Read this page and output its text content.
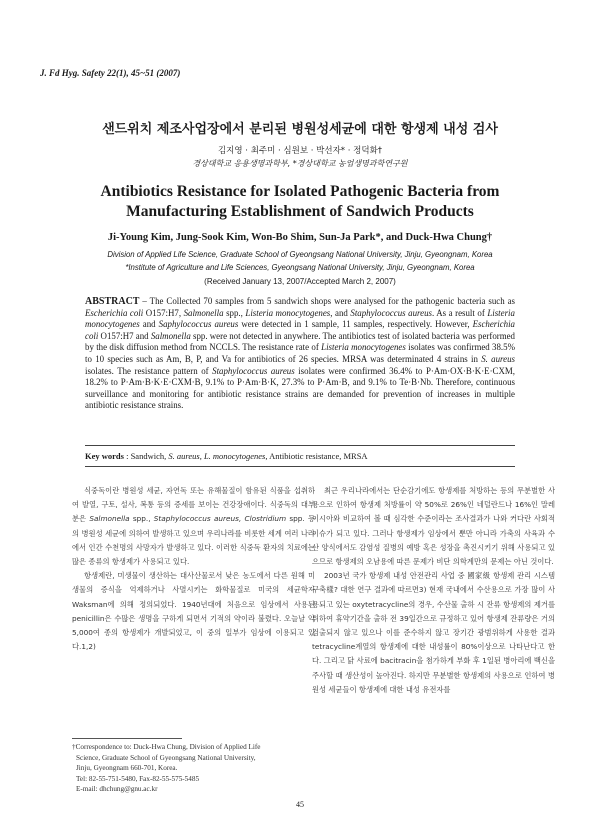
J. Fd Hyg. Safety 22(1), 45~51 (2007)
샌드위치 제조사업장에서 분리된 병원성세균에 대한 항생제 내성 검사
김지영 · 최주미 · 심원보 · 박선자* · 정덕화†
경상대학교 응용생명과학부, *경상대학교 농업생명과학연구원
Antibiotics Resistance for Isolated Pathogenic Bacteria from
Manufacturing Establishment of Sandwich Products
Ji-Young Kim, Jung-Sook Kim, Won-Bo Shim, Sun-Ja Park*, and Duck-Hwa Chung†
Division of Applied Life Science, Graduate School of Gyeongsang National University, Jinju, Gyeongnam, Korea
*Institute of Agriculture and Life Sciences, Gyeongsang National University, Jinju, Gyeongnam, Korea
(Received January 13, 2007/Accepted March 2, 2007)
ABSTRACT – The Collected 70 samples from 5 sandwich shops were analysed for the pathogenic bacteria such as Escherichia coli O157:H7, Salmonella spp., Listeria monocytogenes, and Staphylococcus aureus. As a result of Listeria monocytogenes and Saphylococcus aureus were detected in 1 sample, 11 samples, respectively. However, Escherichia coli O157:H7 and Salmonella spp. were not detected in anywhere. The antibiotics test of isolated bacteria was performed by the disk diffusion method from NCCLS. The resistance rate of Listeria monocytogenes isolates was confirmed 38.5% to 10 species such as Am, B, P, and Va for antibiotics of 26 species. MRSA was determinated 4 strains in S. aureus isolates. The resistance pattern of Staphylococcus aureus isolates were confirmed 36.4% to P·Am·OX·B·K·E·CXM, 18.2% to P·Am·B·K·E·CXM·B, 9.1% to P·Am·B·K, 27.3% to P·Am·B, and 9.1% to Te·B·Nb. Therefore, continuous surveillance and monitoring for antibiotic resistance strains are demanded for prevention of increases in multiple antibiotic resistance strains.
Key words : Sandwich, S. aureus, L. monocytogenes, Antibiotic resistance, MRSA

식중독이란 병원성 세균, 자연독 또는 유해물질이 함유된 식품을 섭취하여 발열, 구토, 설사, 복통 등의 증세를 보이는 건강장애이다. 식중독의 대부분은 Salmonella spp., Staphylococcus aureus, Clostridium spp. 등의 병원성 세균에 의하여 발생하고 있으며 우리나라를 비롯한 세계 여러 나라에서 인간 수천명의 사망자가 발생하고 있다. 이러한 식중독 환자의 치료에는 많은 종류의 항생제가 사용되고 있다.

항생제란, 미생물이 생산하는 대사산물로서 낮은 농도에서 다른 원해 미생물의 증식을 억제하거나 사멸시키는 화학물질로 미국의 세균학자 Waksman에 의해 정의되었다. 1940년대에 처음으로 임상에서 사용된 penicillin은 수많은 생명을 구하게 되면서 기적의 약이라 불렸다. 오늘날 약 5,000여 종의 항생제가 개발되었고, 이 중의 일부가 임상에 이용되고 있다.1,2)

최근 우리나라에서는 단순감기에도 항생제를 처방하는 등의 무분별한 사용으로 인하여 항생제 처방률이 약 50%로 26%인 네덜란드나 16%인 말레이시아와 비교하여 볼 때 심각한 수준이라는 조사결과가 나와 커다란 사회적 이슈가 되고 있다. 그러나 항생제가 임상에서 뿐만 아니라 가축의 사육과 수산 양식에서도 감염성 질병의 예방 혹은 성장을 촉진시키기 위해 사용되고 있으므로 항생제의 오남용에 따른 문제가 비단 의학계만의 문제는 아닌 것이다.

2003년 국가 항생제 내성 안전관리 사업 중 國家級 항생제 관리 시스템 구축樣? 대한 연구 결과에 따르면3) 현재 국내에서 수산용으로 가장 많이 사용되고 있는 oxytetracycline의 경우, 수산물 출하 시 잔류 항생제의 제거를 위하여 휴약기간을 출하 전 39일간으로 규정하고 있어 항생제 잔류량은 거의 검출되지 않고 있으나 이를 준수하지 않고 장기간 광범위하게 사용한 결과 tetracycline계열의 항생제에 대한 내성률이 80%이상으로 나타난다고 한다. 그리고 닭 사료에 bacitracin을 첨가하게 부화 후 1일된 병아리에 백신을 주사할 때 생산성이 높아진다. 하지만 무분별한 항생제의 사용으로 인하여 병원성 세균들이 항생제에 대한 내성 유전자를

†Correspondence to: Duck-Hwa Chung, Division of Applied Life
Science, Graduate School of Gyeongsang National University,
Jinju, Gyeongnam 660-701, Korea.
Tel: 82-55-751-5480, Fax-82-55-575-5485
E-mail: dhchung@gnu.ac.kr
45
